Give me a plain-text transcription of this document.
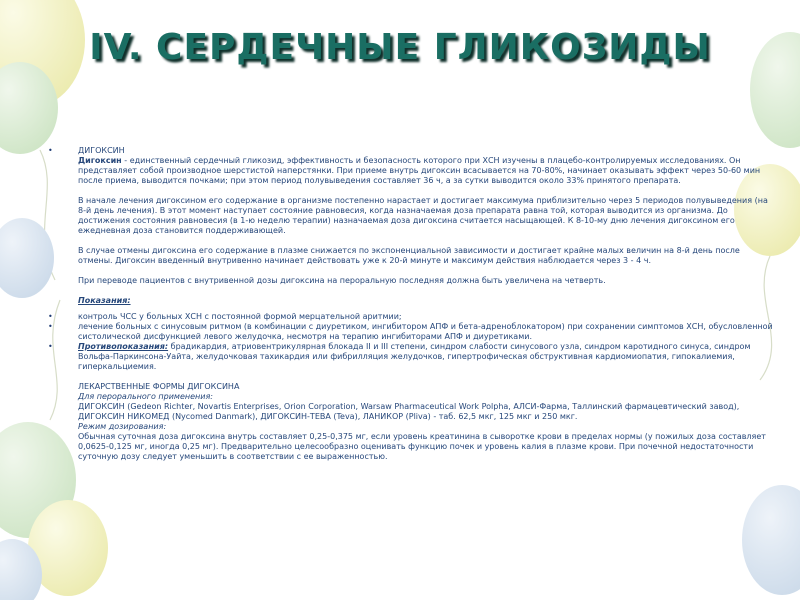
IV. СЕРДЕЧНЫЕ ГЛИКОЗИДЫ
•	ДИГОКСИН
Дигоксин - единственный сердечный гликозид, эффективность и безопасность которого при ХСН изучены в плацебо-контролируемых исследованиях. Он представляет собой производное шерстистой наперстянки. При приеме внутрь дигоксин всасывается на 70-80%, начинает оказывать эффект через 50-60 мин после приема, выводится почками; при этом период полувыведения составляет 36 ч, а за сутки выводится около 33% принятого препарата.
В начале лечения дигоксином его содержание в организме постепенно нарастает и достигает максимума приблизительно через 5 периодов полувыведения (на 8-й день лечения). В этот момент наступает состояние равновесия, когда назначаемая доза препарата равна той, которая выводится из организма. До достижения состояния равновесия (в 1-ю неделю терапии) назначаемая доза дигоксина считается насыщающей. К 8-10-му дню лечения дигоксином его ежедневная доза становится поддерживающей.
В случае отмены дигоксина его содержание в плазме снижается по экспоненциальной зависимости и достигает крайне малых величин на 8-й день после отмены. Дигоксин введенный внутривенно начинает действовать уже к 20-й минуте и максимум действия наблюдается через 3 - 4 ч.
При переводе пациентов с внутривенной дозы дигоксина на пероральную последняя должна быть увеличена на четверть.
Показания:
•	контроль ЧСС у больных ХСН с постоянной формой мерцательной аритмии;
•	лечение больных с синусовым ритмом (в комбинации с диуретиком, ингибитором АПФ и бета-адреноблокатором) при сохранении симптомов ХСН, обусловленной систолической дисфункцией левого желудочка, несмотря на терапию ингибиторами АПФ и диуретиками.
•	Противопоказания: брадикардия, атриовентрикулярная блокада II и III степени, синдром слабости синусового узла, синдром каротидного синуса, синдром Вольфа-Паркинсона-Уайта, желудочковая тахикардия или фибрилляция желудочков, гипертрофическая обструктивная кардиомиопатия, гипокалиемия, гиперкальциемия.
ЛЕКАРСТВЕННЫЕ ФОРМЫ ДИГОКСИНА
Для перорального применения:
ДИГОКСИН (Gedeon Richter, Novartis Enterprises, Orion Corporation, Warsaw Pharmaceutical Work Polpha, АЛСИ-Фарма, Таллинский фармацевтический завод), ДИГОКСИН НИКОМЕД (Nycomed Danmark), ДИГОКСИН-ТЕВА (Teva), ЛАНИКОР (Pliva) - таб. 62,5 мкг, 125 мкг и 250 мкг.
Режим дозирования:
Обычная суточная доза дигоксина внутрь составляет 0,25-0,375 мг, если уровень креатинина в сыворотке крови в пределах нормы (у пожилых доза составляет 0,0625-0,125 мг, иногда 0,25 мг). Предварительно целесообразно оценивать функцию почек и уровень калия в плазме крови. При почечной недостаточности суточную дозу следует уменьшить в соответствии с ее выраженностью.
